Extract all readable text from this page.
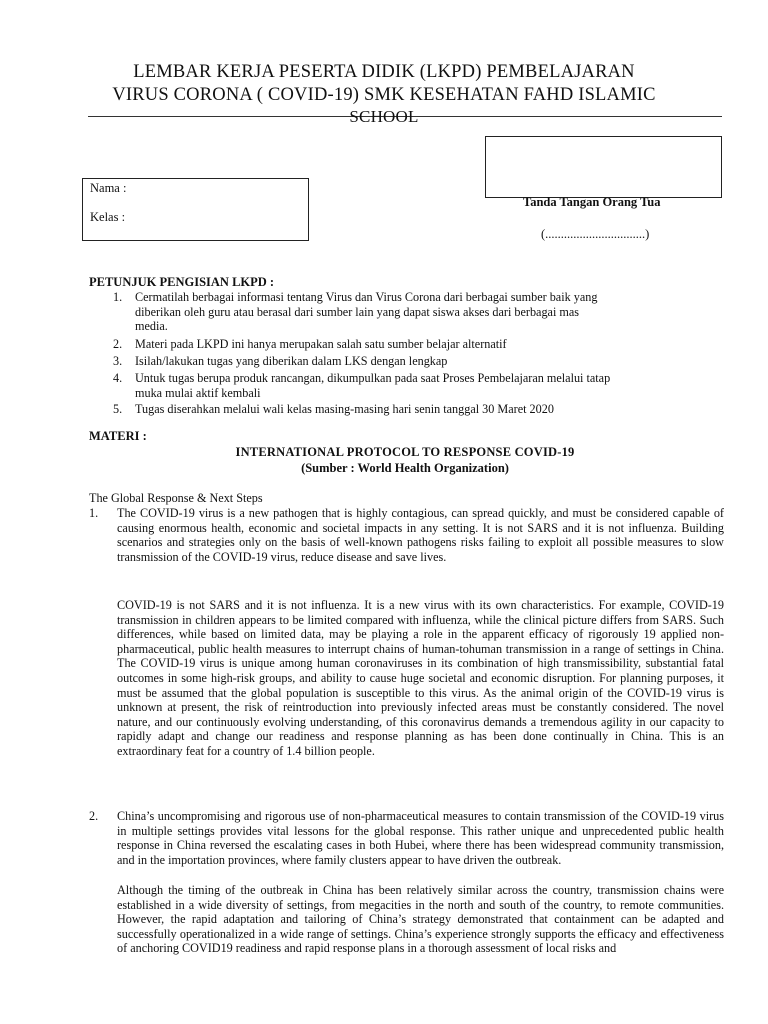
LEMBAR KERJA PESERTA DIDIK (LKPD) PEMBELAJARAN
VIRUS CORONA ( COVID-19) SMK KESEHATAN FAHD ISLAMIC
SCHOOL
Nama :
Kelas :
Tanda Tangan Orang Tua
(................................)
PETUNJUK PENGISIAN LKPD :
1.	Cermatilah berbagai informasi tentang Virus dan Virus Corona dari berbagai sumber baik yang
diberikan oleh guru atau berasal dari sumber lain yang dapat siswa akses dari berbagai mas
media.
2.	Materi pada LKPD ini hanya merupakan salah satu sumber belajar alternatif
3.	Isilah/lakukan tugas yang diberikan dalam LKS dengan lengkap
4.	Untuk tugas berupa produk rancangan, dikumpulkan pada saat Proses Pembelajaran melalui tatap
muka mulai aktif kembali
5.	Tugas diserahkan melalui wali kelas masing-masing hari senin tanggal 30 Maret 2020
MATERI :
INTERNATIONAL PROTOCOL TO RESPONSE COVID-19
(Sumber : World Health Organization)
The Global Response & Next Steps
1. The COVID-19 virus is a new pathogen that is highly contagious, can spread quickly, and must be considered capable of causing enormous health, economic and societal impacts in any setting. It is not SARS and it is not influenza. Building scenarios and strategies only on the basis of well-known pathogens risks failing to exploit all possible measures to slow transmission of the COVID-19 virus, reduce disease and save lives.
COVID-19 is not SARS and it is not influenza. It is a new virus with its own characteristics. For example, COVID-19 transmission in children appears to be limited compared with influenza, while the clinical picture differs from SARS. Such differences, while based on limited data, may be playing a role in the apparent efficacy of rigorously 19 applied non-pharmaceutical, public health measures to interrupt chains of human-tohuman transmission in a range of settings in China. The COVID-19 virus is unique among human coronaviruses in its combination of high transmissibility, substantial fatal outcomes in some high-risk groups, and ability to cause huge societal and economic disruption. For planning purposes, it must be assumed that the global population is susceptible to this virus. As the animal origin of the COVID-19 virus is unknown at present, the risk of reintroduction into previously infected areas must be constantly considered. The novel nature, and our continuously evolving understanding, of this coronavirus demands a tremendous agility in our capacity to rapidly adapt and change our readiness and response planning as has been done continually in China. This is an extraordinary feat for a country of 1.4 billion people.
2. China’s uncompromising and rigorous use of non-pharmaceutical measures to contain transmission of the COVID-19 virus in multiple settings provides vital lessons for the global response. This rather unique and unprecedented public health response in China reversed the escalating cases in both Hubei, where there has been widespread community transmission, and in the importation provinces, where family clusters appear to have driven the outbreak.
Although the timing of the outbreak in China has been relatively similar across the country, transmission chains were established in a wide diversity of settings, from megacities in the north and south of the country, to remote communities. However, the rapid adaptation and tailoring of China’s strategy demonstrated that containment can be adapted and successfully operationalized in a wide range of settings. China’s experience strongly supports the efficacy and effectiveness of anchoring COVID19 readiness and rapid response plans in a thorough assessment of local risks and
